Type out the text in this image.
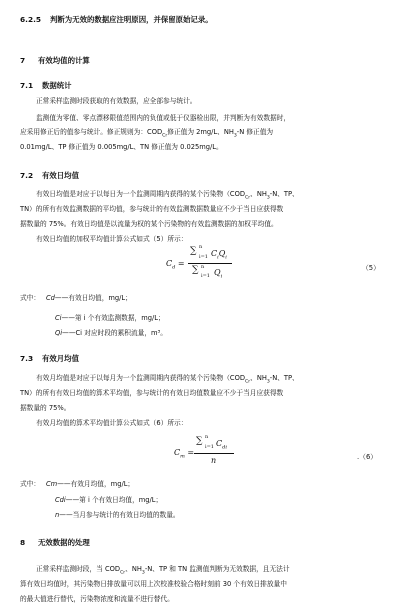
6.2.5 判断为无效的数据应注明原因，并保留原始记录。
7 有效均值的计算
7.1 数据统计
正常采样监测时段获取的有效数据，应全部参与统计。
监测值为零值、零点漂移限值范围内的负值或低于仪器检出限，并判断为有效数据时，
应采用修正后的值参与统计。修正规则为：$COD_{Cr}$修正值为 2mg/L、$NH_3-N$ 修正值为
0.01mg/L、TP 修正值为 0.005mg/L、TN 修正值为 0.025mg/L。
7.2 有效日均值
有效日均值是对应于以每日为一个监测周期内获得的某个污染物（$COD_{Cr}$、$NH_3-N$、TP、
TN）的所有有效监测数据的平均值，参与统计的有效监测数据数量应不少于当日应获得数
据数量的 75%。有效日均值是以流量为权的某个污染物的有效监测数据的加权平均值。
有效日均值的加权平均值计算公式如式（5）所示：
$C_d$ =
∑ n
i=1 $C_iQ_i$
∑ n
i=1 $Q_i$
（5）
式中： Cd——有效日均值，mg/L；
Ci——第 i 个有效监测数据，mg/L；
Qi——Ci 对应时段的累积流量，m³。
7.3 有效月均值
有效月均值是对应于以每月为一个监测周期内获得的某个污染物（$COD_{Cr}$、$NH_3-N$、TP、
TN）的所有有效日均值的算术平均值，参与统计的有效日均值数量应不少于当月应获得数
据数量的 75%。
有效月均值的算术平均值计算公式如式（6）所示：
$C_m$ =
∑ n
i=1 $C_{di}$
n	.（6）
式中： Cm——有效月均值，mg/L；
Cdi——第 i 个有效日均值，mg/L；
n——当月参与统计的有效日均值的数量。
8 无效数据的处理
正常采样监测时段，当 $COD_{Cr}$、$NH_3-N$、TP 和 TN 监测值判断为无效数据，且无法计
算有效日均值时，其污染物日排放量可以用上次校准校验合格时刻前 30 个有效日排放量中
的最大值进行替代，污染物浓度和流量不进行替代。
